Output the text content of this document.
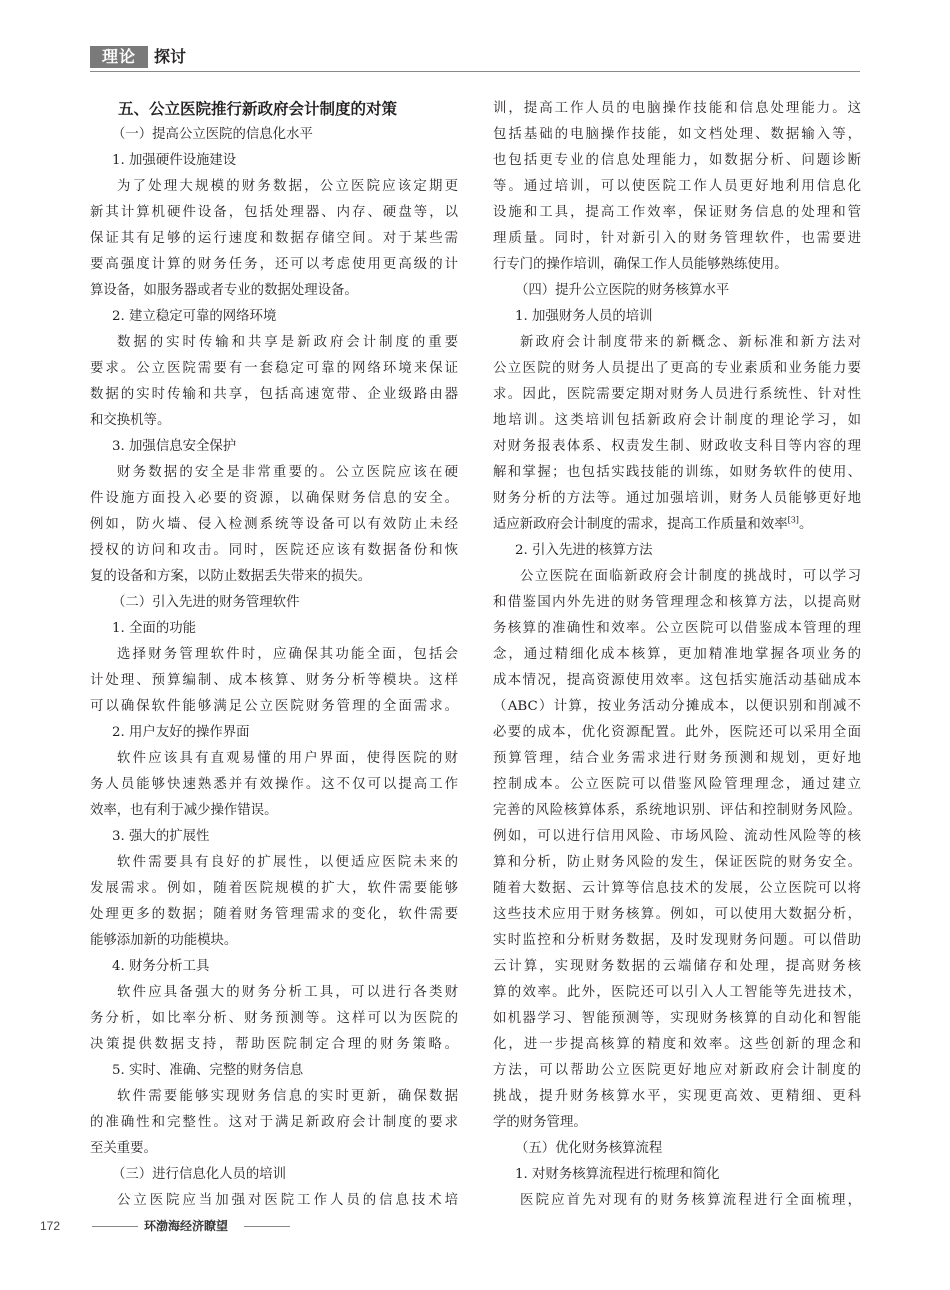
理论	探讨
五、公立医院推行新政府会计制度的对策
（一）提高公立医院的信息化水平
1. 加强硬件设施建设
为了处理大规模的财务数据，公立医院应该定期更
新其计算机硬件设备，包括处理器、内存、硬盘等，以
保证其有足够的运行速度和数据存储空间。对于某些需
要高强度计算的财务任务，还可以考虑使用更高级的计
算设备，如服务器或者专业的数据处理设备。
2. 建立稳定可靠的网络环境
数据的实时传输和共享是新政府会计制度的重要
要求。公立医院需要有一套稳定可靠的网络环境来保证
数据的实时传输和共享，包括高速宽带、企业级路由器
和交换机等。
3. 加强信息安全保护
财务数据的安全是非常重要的。公立医院应该在硬
件设施方面投入必要的资源，以确保财务信息的安全。
例如，防火墙、侵入检测系统等设备可以有效防止未经
授权的访问和攻击。同时，医院还应该有数据备份和恢
复的设备和方案，以防止数据丢失带来的损失。
（二）引入先进的财务管理软件
1. 全面的功能
选择财务管理软件时，应确保其功能全面，包括会
计处理、预算编制、成本核算、财务分析等模块。这样
可以确保软件能够满足公立医院财务管理的全面需求。
2. 用户友好的操作界面
软件应该具有直观易懂的用户界面，使得医院的财
务人员能够快速熟悉并有效操作。这不仅可以提高工作
效率，也有利于减少操作错误。
3. 强大的扩展性
软件需要具有良好的扩展性，以便适应医院未来的
发展需求。例如，随着医院规模的扩大，软件需要能够
处理更多的数据；随着财务管理需求的变化，软件需要
能够添加新的功能模块。
4. 财务分析工具
软件应具备强大的财务分析工具，可以进行各类财
务分析，如比率分析、财务预测等。这样可以为医院的
决策提供数据支持，帮助医院制定合理的财务策略。
5. 实时、准确、完整的财务信息
软件需要能够实现财务信息的实时更新，确保数据
的准确性和完整性。这对于满足新政府会计制度的要求
至关重要。
（三）进行信息化人员的培训
公立医院应当加强对医院工作人员的信息技术培
训，提高工作人员的电脑操作技能和信息处理能力。这
包括基础的电脑操作技能，如文档处理、数据输入等，
也包括更专业的信息处理能力，如数据分析、问题诊断
等。通过培训，可以使医院工作人员更好地利用信息化
设施和工具，提高工作效率，保证财务信息的处理和管
理质量。同时，针对新引入的财务管理软件，也需要进
行专门的操作培训，确保工作人员能够熟练使用。
（四）提升公立医院的财务核算水平
1. 加强财务人员的培训
新政府会计制度带来的新概念、新标准和新方法对
公立医院的财务人员提出了更高的专业素质和业务能力要
求。因此，医院需要定期对财务人员进行系统性、针对性
地培训。这类培训包括新政府会计制度的理论学习，如
对财务报表体系、权责发生制、财政收支科目等内容的理
解和掌握；也包括实践技能的训练，如财务软件的使用、
财务分析的方法等。通过加强培训，财务人员能够更好地
适应新政府会计制度的需求，提高工作质量和效率[3]。
2. 引入先进的核算方法
公立医院在面临新政府会计制度的挑战时，可以学习
和借鉴国内外先进的财务管理理念和核算方法，以提高财
务核算的准确性和效率。公立医院可以借鉴成本管理的理
念，通过精细化成本核算，更加精准地掌握各项业务的
成本情况，提高资源使用效率。这包括实施活动基础成本
（ABC）计算，按业务活动分摊成本，以便识别和削减不
必要的成本，优化资源配置。此外，医院还可以采用全面
预算管理，结合业务需求进行财务预测和规划，更好地
控制成本。公立医院可以借鉴风险管理理念，通过建立
完善的风险核算体系，系统地识别、评估和控制财务风险。
例如，可以进行信用风险、市场风险、流动性风险等的核
算和分析，防止财务风险的发生，保证医院的财务安全。
随着大数据、云计算等信息技术的发展，公立医院可以将
这些技术应用于财务核算。例如，可以使用大数据分析，
实时监控和分析财务数据，及时发现财务问题。可以借助
云计算，实现财务数据的云端储存和处理，提高财务核
算的效率。此外，医院还可以引入人工智能等先进技术，
如机器学习、智能预测等，实现财务核算的自动化和智能
化，进一步提高核算的精度和效率。这些创新的理念和
方法，可以帮助公立医院更好地应对新政府会计制度的
挑战，提升财务核算水平，实现更高效、更精细、更科
学的财务管理。
（五）优化财务核算流程
1. 对财务核算流程进行梳理和简化
医院应首先对现有的财务核算流程进行全面梳理，
172	环渤海经济瞭望
